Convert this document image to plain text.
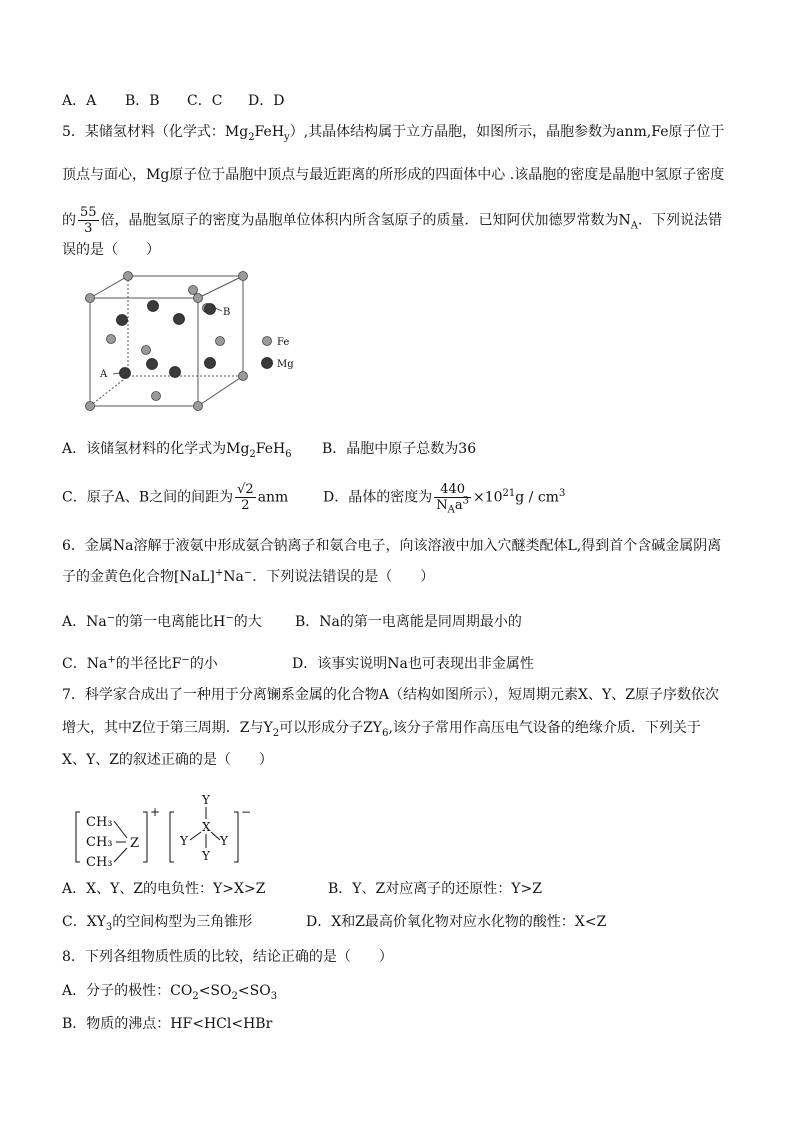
A．A B．B C．C D．D
5．某储氢材料（化学式：$Mg_2FeH_y$）,其晶体结构属于立方晶胞，如图所示，晶胞参数为anm,Fe原子位于
顶点与面心，Mg原子位于晶胞中顶点与最近距离的所形成的四面体中心 .该晶胞的密度是晶胞中氢原子密度
的 $\frac{55}{3}$ 倍，晶胞氢原子的密度为晶胞单位体积内所含氢原子的质量．已知阿伏加德罗常数为$N_A$．下列说法错
误的是（　　）
A
B
Fe
Mg
A．该储氢材料的化学式为$Mg_2FeH_6$ B．晶胞中原子总数为36
C．原子A、B之间的间距为 $\frac{√2}{2}$ anm D．晶体的密度为 $\frac{440}{N_Aa^3} \times 10^{21}g / cm^3$
6．金属Na溶解于液氨中形成氨合钠离子和氨合电子，向该溶液中加入穴醚类配体L,得到首个含碱金属阴离
子的金黄色化合物[NaL]+Na−．下列说法错误的是（　　）
A．Na−的第一电离能比H−的大 B．Na的第一电离能是同周期最小的
C．Na+的半径比F−的小	D．该事实说明Na也可表现出非金属性
7．科学家合成出了一种用于分离镧系金属的化合物A（结构如图所示），短周期元素X、Y、Z原子序数依次
增大，其中Z位于第三周期．Z与$Y_2$可以形成分子$ZY_6$,该分子常用作高压电气设备的绝缘介质．下列关于
X、Y、Z的叙述正确的是（　　）
CH₃
CH₃
CH₃
Z
+
Y
X
Y	Y
Y
−
A．X、Y、Z的电负性：Y>X>Z	B．Y、Z对应离子的还原性：Y>Z
C．$XY_3$的空间构型为三角锥形	D．X和Z最高价氧化物对应水化物的酸性：X<Z
8．下列各组物质性质的比较，结论正确的是（　　）
A．分子的极性：$CO_2<SO_2<SO_3$
B．物质的沸点：HF<HCl<HBr
